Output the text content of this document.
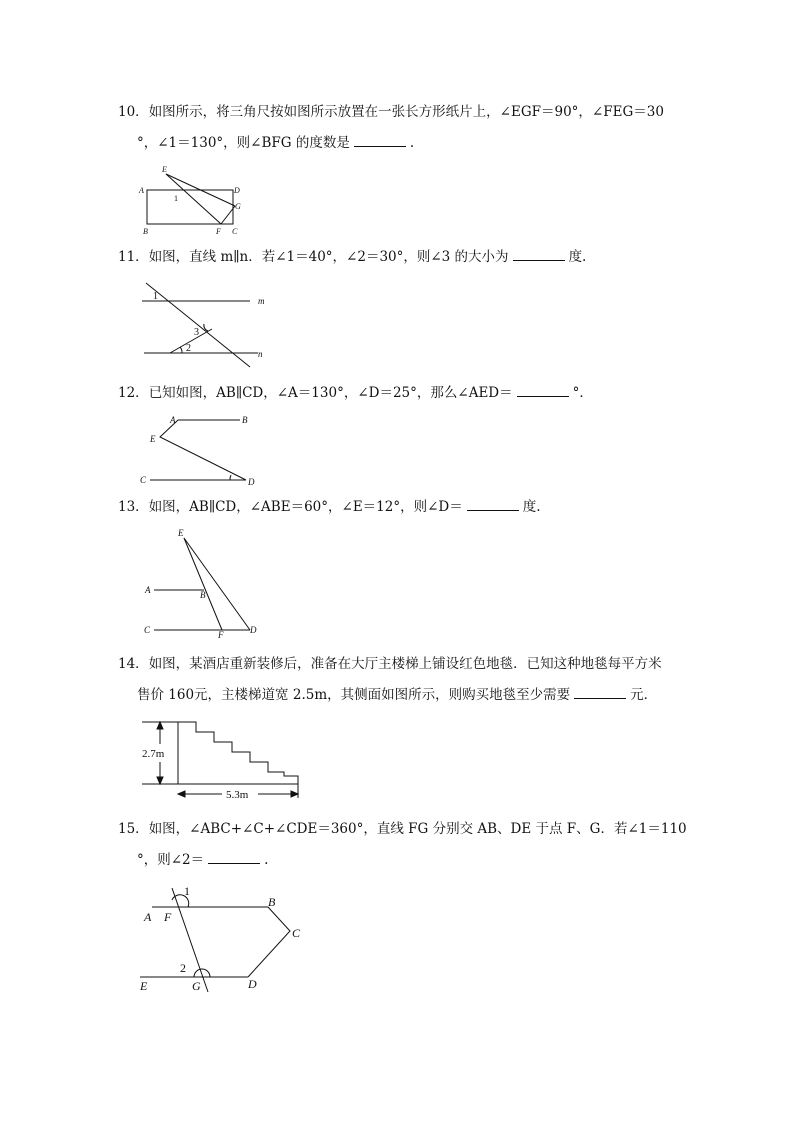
10．如图所示，将三角尺按如图所示放置在一张长方形纸片上，∠EGF＝90°，∠FEG＝30
°，∠1＝130°，则∠BFG 的度数是	.
E
A	D
G
B	F C
1
11．如图，直线 m∥n．若∠1＝40°，∠2＝30°，则∠3 的大小为	度.
m
n
1
2
3
12．已知如图，AB∥CD，∠A＝130°，∠D＝25°，那么∠AED＝	°．
A	B
E
C	D
13．如图，AB∥CD，∠ABE＝60°，∠E＝12°，则∠D＝	度.
E
A	B
C	F	D
14．如图，某酒店重新装修后，准备在大厅主楼梯上铺设红色地毯．已知这种地毯每平方米
售价 160元，主楼梯道宽 2.5m，其侧面如图所示，则购买地毯至少需要	元．
2.7m
5.3m
15．如图，∠ABC+∠C+∠CDE＝360°，直线 FG 分别交 AB、DE 于点 F、G．若∠1＝110
°，则∠2＝	.
1
A F
B
C
2
E	G	D
